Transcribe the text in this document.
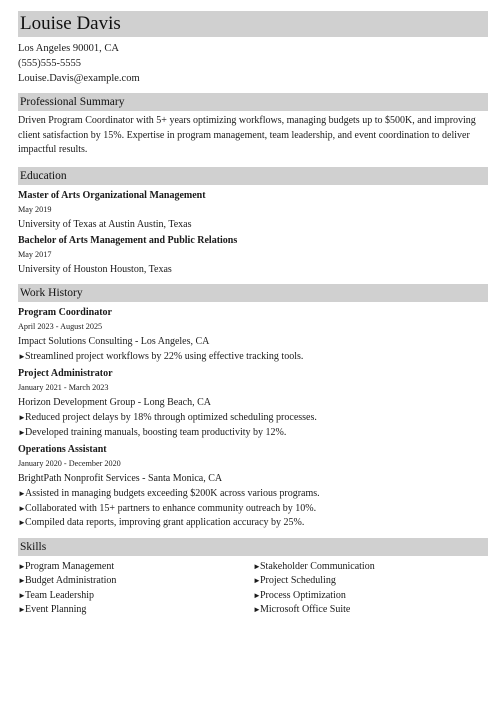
Louise Davis
Los Angeles 90001, CA
(555)555-5555
Louise.Davis@example.com
Professional Summary
Driven Program Coordinator with 5+ years optimizing workflows, managing budgets up to $500K, and improving client satisfaction by 15%. Expertise in program management, team leadership, and event coordination to deliver impactful results.
Education
Master of Arts Organizational Management
May 2019
University of Texas at Austin Austin, Texas
Bachelor of Arts Management and Public Relations
May 2017
University of Houston Houston, Texas
Work History
Program Coordinator
April 2023 - August 2025
Impact Solutions Consulting - Los Angeles, CA
► Streamlined project workflows by 22% using effective tracking tools.
Project Administrator
January 2021 - March 2023
Horizon Development Group - Long Beach, CA
► Reduced project delays by 18% through optimized scheduling processes.
► Developed training manuals, boosting team productivity by 12%.
Operations Assistant
January 2020 - December 2020
BrightPath Nonprofit Services - Santa Monica, CA
► Assisted in managing budgets exceeding $200K across various programs.
► Collaborated with 15+ partners to enhance community outreach by 10%.
► Compiled data reports, improving grant application accuracy by 25%.
Skills
► Program Management
► Budget Administration
► Team Leadership
► Event Planning
► Stakeholder Communication
► Project Scheduling
► Process Optimization
► Microsoft Office Suite
